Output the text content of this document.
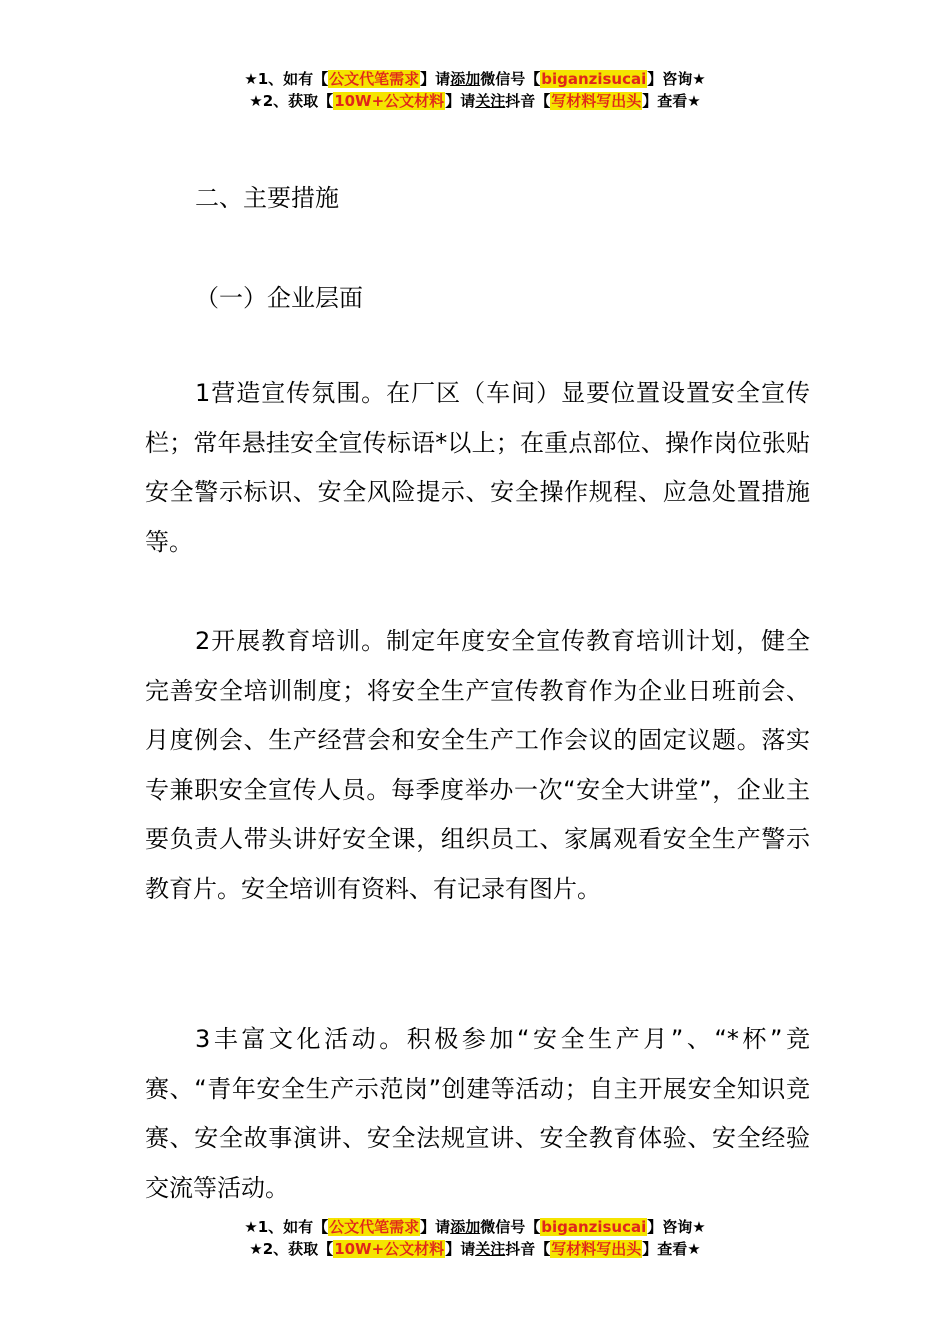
★1、如有【公文代笔需求】请添加微信号【biganzisucai】咨询★
★2、获取【10W+公文材料】请关注抖音【写材料写出头】查看★
二、主要措施
（一）企业层面

1营造宣传氛围。在厂区（车间）显要位置设置安全宣传栏；常年悬挂安全宣传标语*以上；在重点部位、操作岗位张贴安全警示标识、安全风险提示、安全操作规程、应急处置措施等。

2开展教育培训。制定年度安全宣传教育培训计划，健全完善安全培训制度；将安全生产宣传教育作为企业日班前会、月度例会、生产经营会和安全生产工作会议的固定议题。落实专兼职安全宣传人员。每季度举办一次“安全大讲堂”，企业主要负责人带头讲好安全课，组织员工、家属观看安全生产警示教育片。安全培训有资料、有记录有图片。

3丰富文化活动。积极参加“安全生产月”、“*杯”竞赛、“青年安全生产示范岗”创建等活动；自主开展安全知识竞赛、安全故事演讲、安全法规宣讲、安全教育体验、安全经验交流等活动。

★1、如有【公文代笔需求】请添加微信号【biganzisucai】咨询★
★2、获取【10W+公文材料】请关注抖音【写材料写出头】查看★
